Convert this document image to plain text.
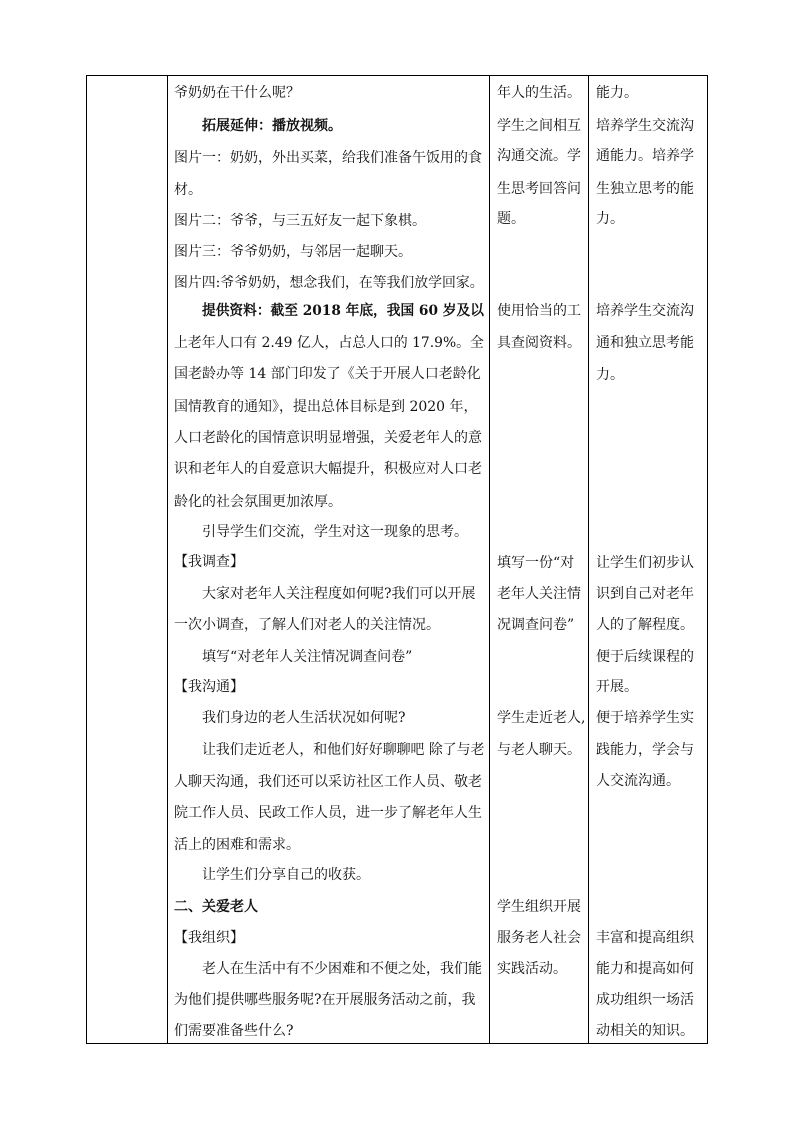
爷奶奶在干什么呢？
拓展延伸：播放视频。
图片一：奶奶，外出买菜，给我们准备午饭用的食
材。
图片二：爷爷，与三五好友一起下象棋。
图片三：爷爷奶奶，与邻居一起聊天。
图片四:爷爷奶奶，想念我们，在等我们放学回家。
提供资料：截至 2018 年底，我国 60 岁及以
上老年人口有 2.49 亿人，占总人口的 17.9%。全
国老龄办等 14 部门印发了《关于开展人口老龄化
国情教育的通知》，提出总体目标是到 2020 年，
人口老龄化的国情意识明显增强，关爱老年人的意
识和老年人的自爱意识大幅提升，积极应对人口老
龄化的社会氛围更加浓厚。
引导学生们交流，学生对这一现象的思考。
【我调查】
大家对老年人关注程度如何呢?我们可以开展
一次小调查，了解人们对老人的关注情况。
填写“对老年人关注情况调查问卷”
【我沟通】
我们身边的老人生活状况如何呢?
让我们走近老人，和他们好好聊聊吧 除了与老
人聊天沟通，我们还可以采访社区工作人员、敬老
院工作人员、民政工作人员，进一步了解老年人生
活上的困难和需求。
让学生们分享自己的收获。
二、关爱老人
【我组织】
老人在生活中有不少困难和不便之处，我们能
为他们提供哪些服务呢?在开展服务活动之前，我
们需要准备些什么?
年人的生活。
学生之间相互
沟通交流。学
生思考回答问
题。
使用恰当的工
具查阅资料。
填写一份“对
老年人关注情
况调查问卷”
学生走近老人,
与老人聊天。
学生组织开展
服务老人社会
实践活动。
能力。
培养学生交流沟
通能力。培养学
生独立思考的能
力。
培养学生交流沟
通和独立思考能
力。
让学生们初步认
识到自己对老年
人的了解程度。
便于后续课程的
开展。
便于培养学生实
践能力，学会与
人交流沟通。
丰富和提高组织
能力和提高如何
成功组织一场活
动相关的知识。
